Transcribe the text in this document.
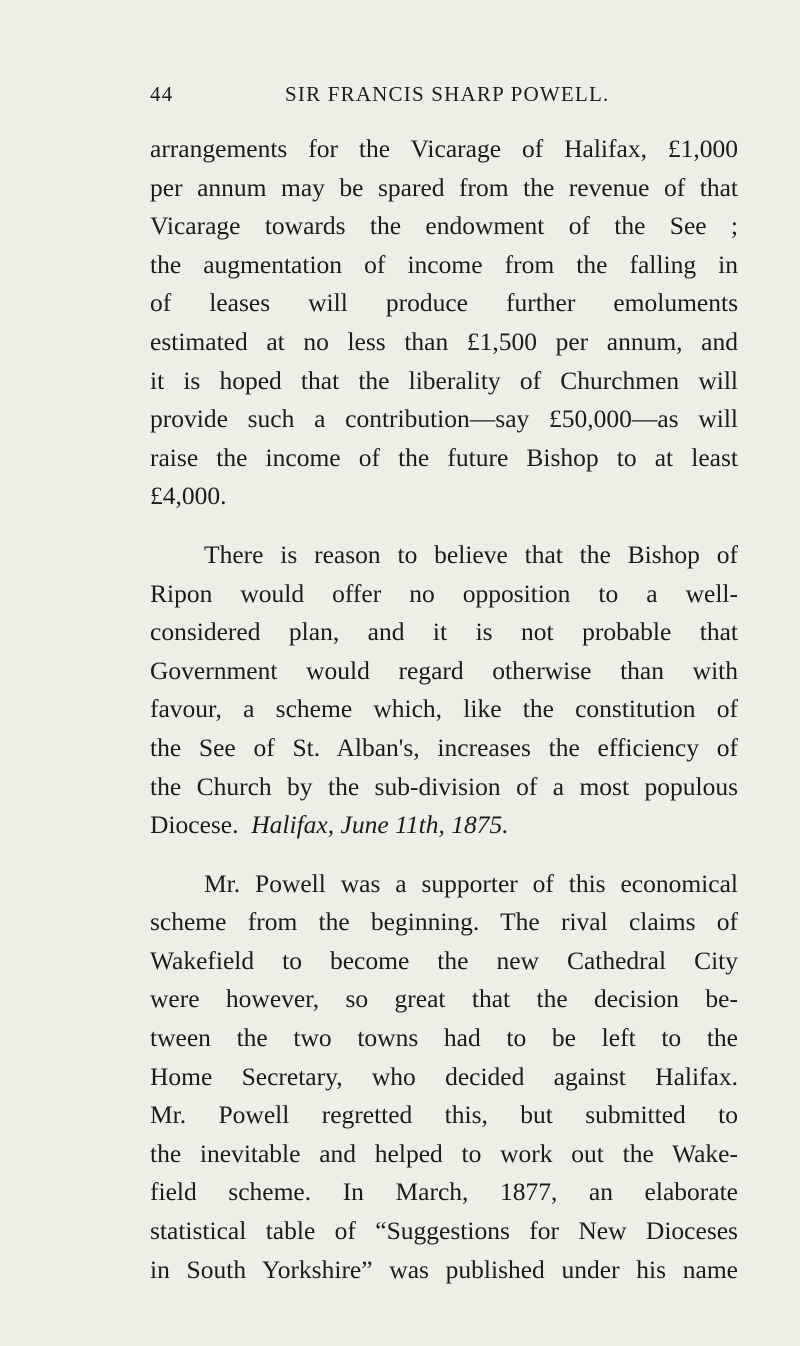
44	SIR FRANCIS SHARP POWELL.
arrangements for the Vicarage of Halifax, £1,000
per annum may be spared from the revenue of that
Vicarage towards the endowment of the See ;
the augmentation of income from the falling in
of leases will produce further emoluments
estimated at no less than £1,500 per annum, and
it is hoped that the liberality of Churchmen will
provide such a contribution—say £50,000—as will
raise the income of the future Bishop to at least
£4,000.
There is reason to believe that the Bishop of
Ripon would offer no opposition to a well-
considered plan, and it is not probable that
Government would regard otherwise than with
favour, a scheme which, like the constitution of
the See of St. Alban's, increases the efficiency of
the Church by the sub-division of a most populous
Diocese. Halifax, June 11th, 1875.
Mr. Powell was a supporter of this economical
scheme from the beginning. The rival claims of
Wakefield to become the new Cathedral City
were however, so great that the decision be-
tween the two towns had to be left to the
Home Secretary, who decided against Halifax.
Mr. Powell regretted this, but submitted to
the inevitable and helped to work out the Wake-
field scheme. In March, 1877, an elaborate
statistical table of “Suggestions for New Dioceses
in South Yorkshire” was published under his name
